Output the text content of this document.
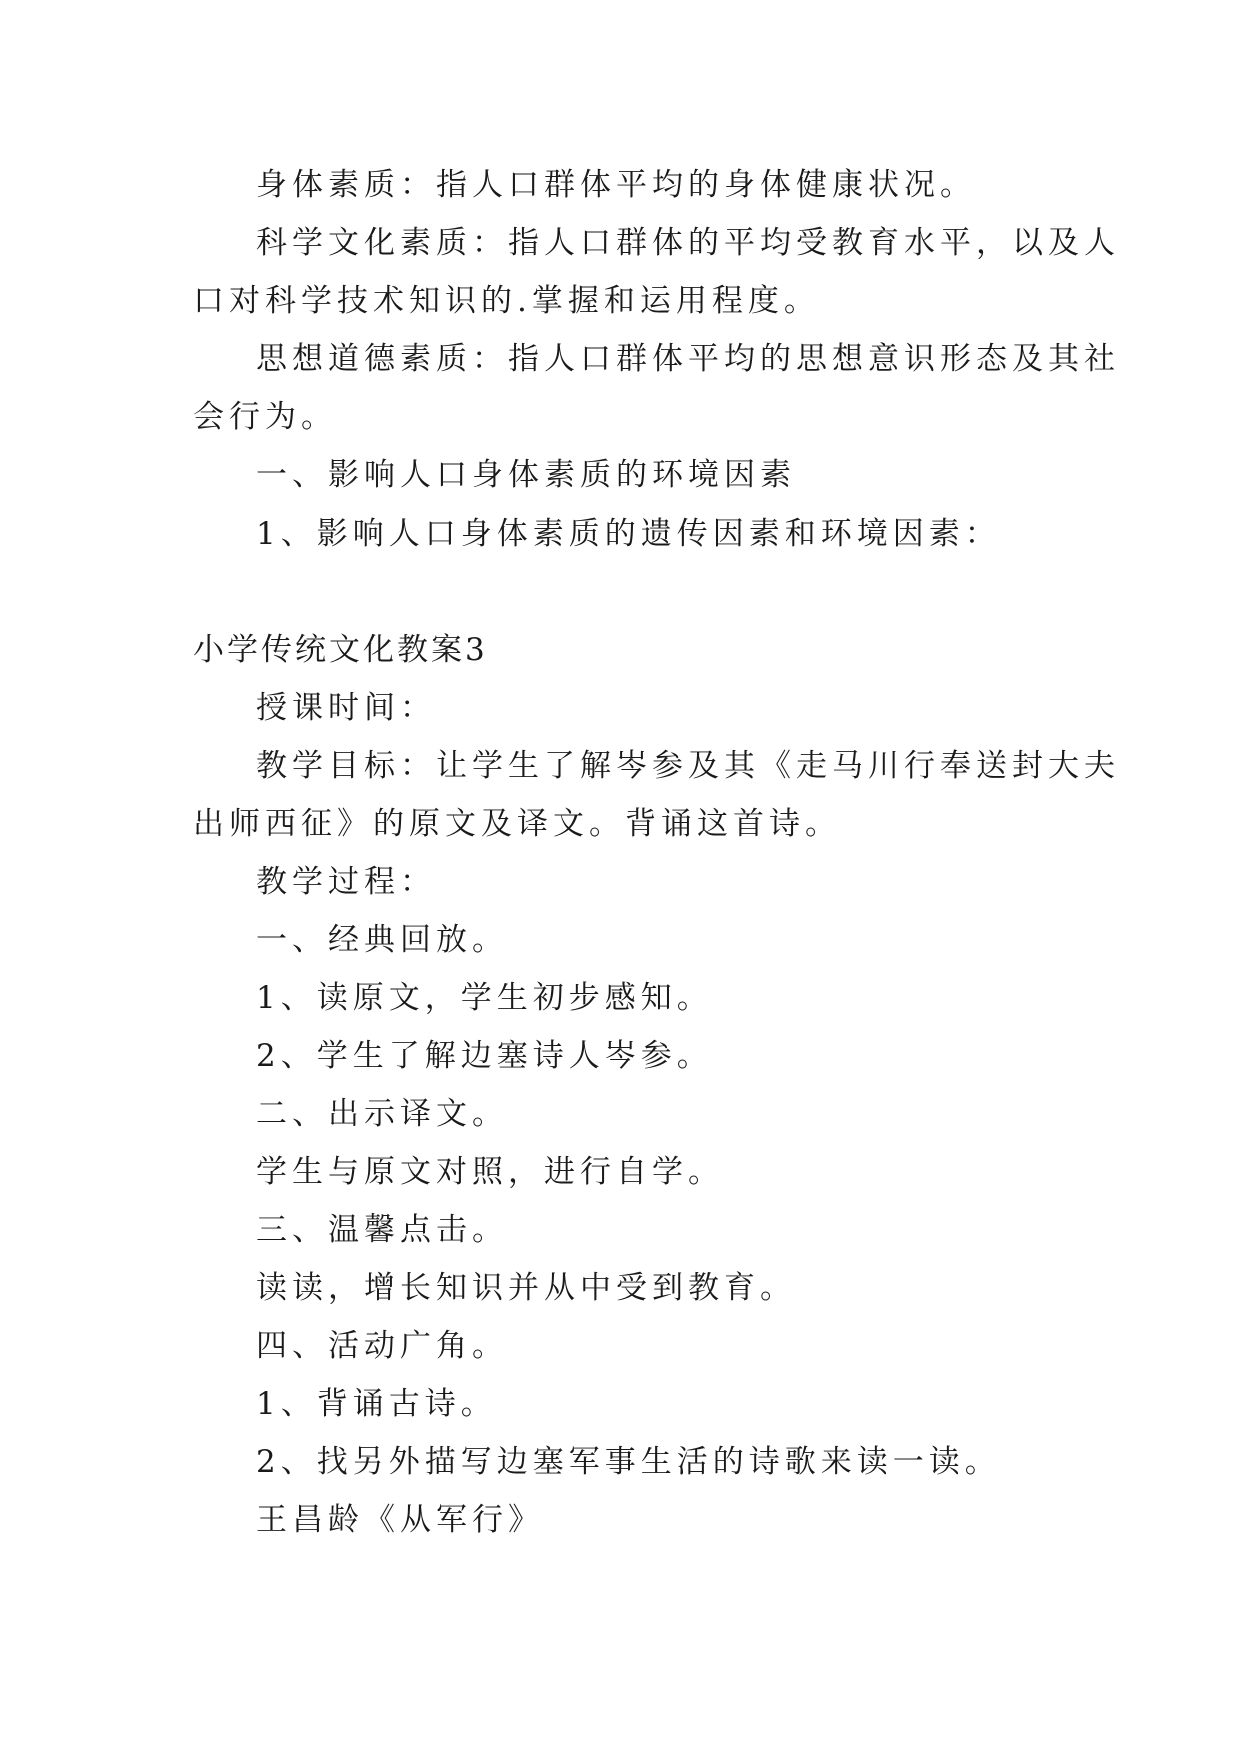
身体素质：指人口群体平均的身体健康状况。
科学文化素质：指人口群体的平均受教育水平，以及人
口对科学技术知识的.掌握和运用程度。
思想道德素质：指人口群体平均的思想意识形态及其社
会行为。
一、影响人口身体素质的环境因素
1、影响人口身体素质的遗传因素和环境因素：
小学传统文化教案3
授课时间：
教学目标：让学生了解岑参及其《走马川行奉送封大夫
出师西征》的原文及译文。背诵这首诗。
教学过程：
一、经典回放。
1、读原文，学生初步感知。
2、学生了解边塞诗人岑参。
二、出示译文。
学生与原文对照，进行自学。
三、温馨点击。
读读，增长知识并从中受到教育。
四、活动广角。
1、背诵古诗。
2、找另外描写边塞军事生活的诗歌来读一读。
王昌龄《从军行》
